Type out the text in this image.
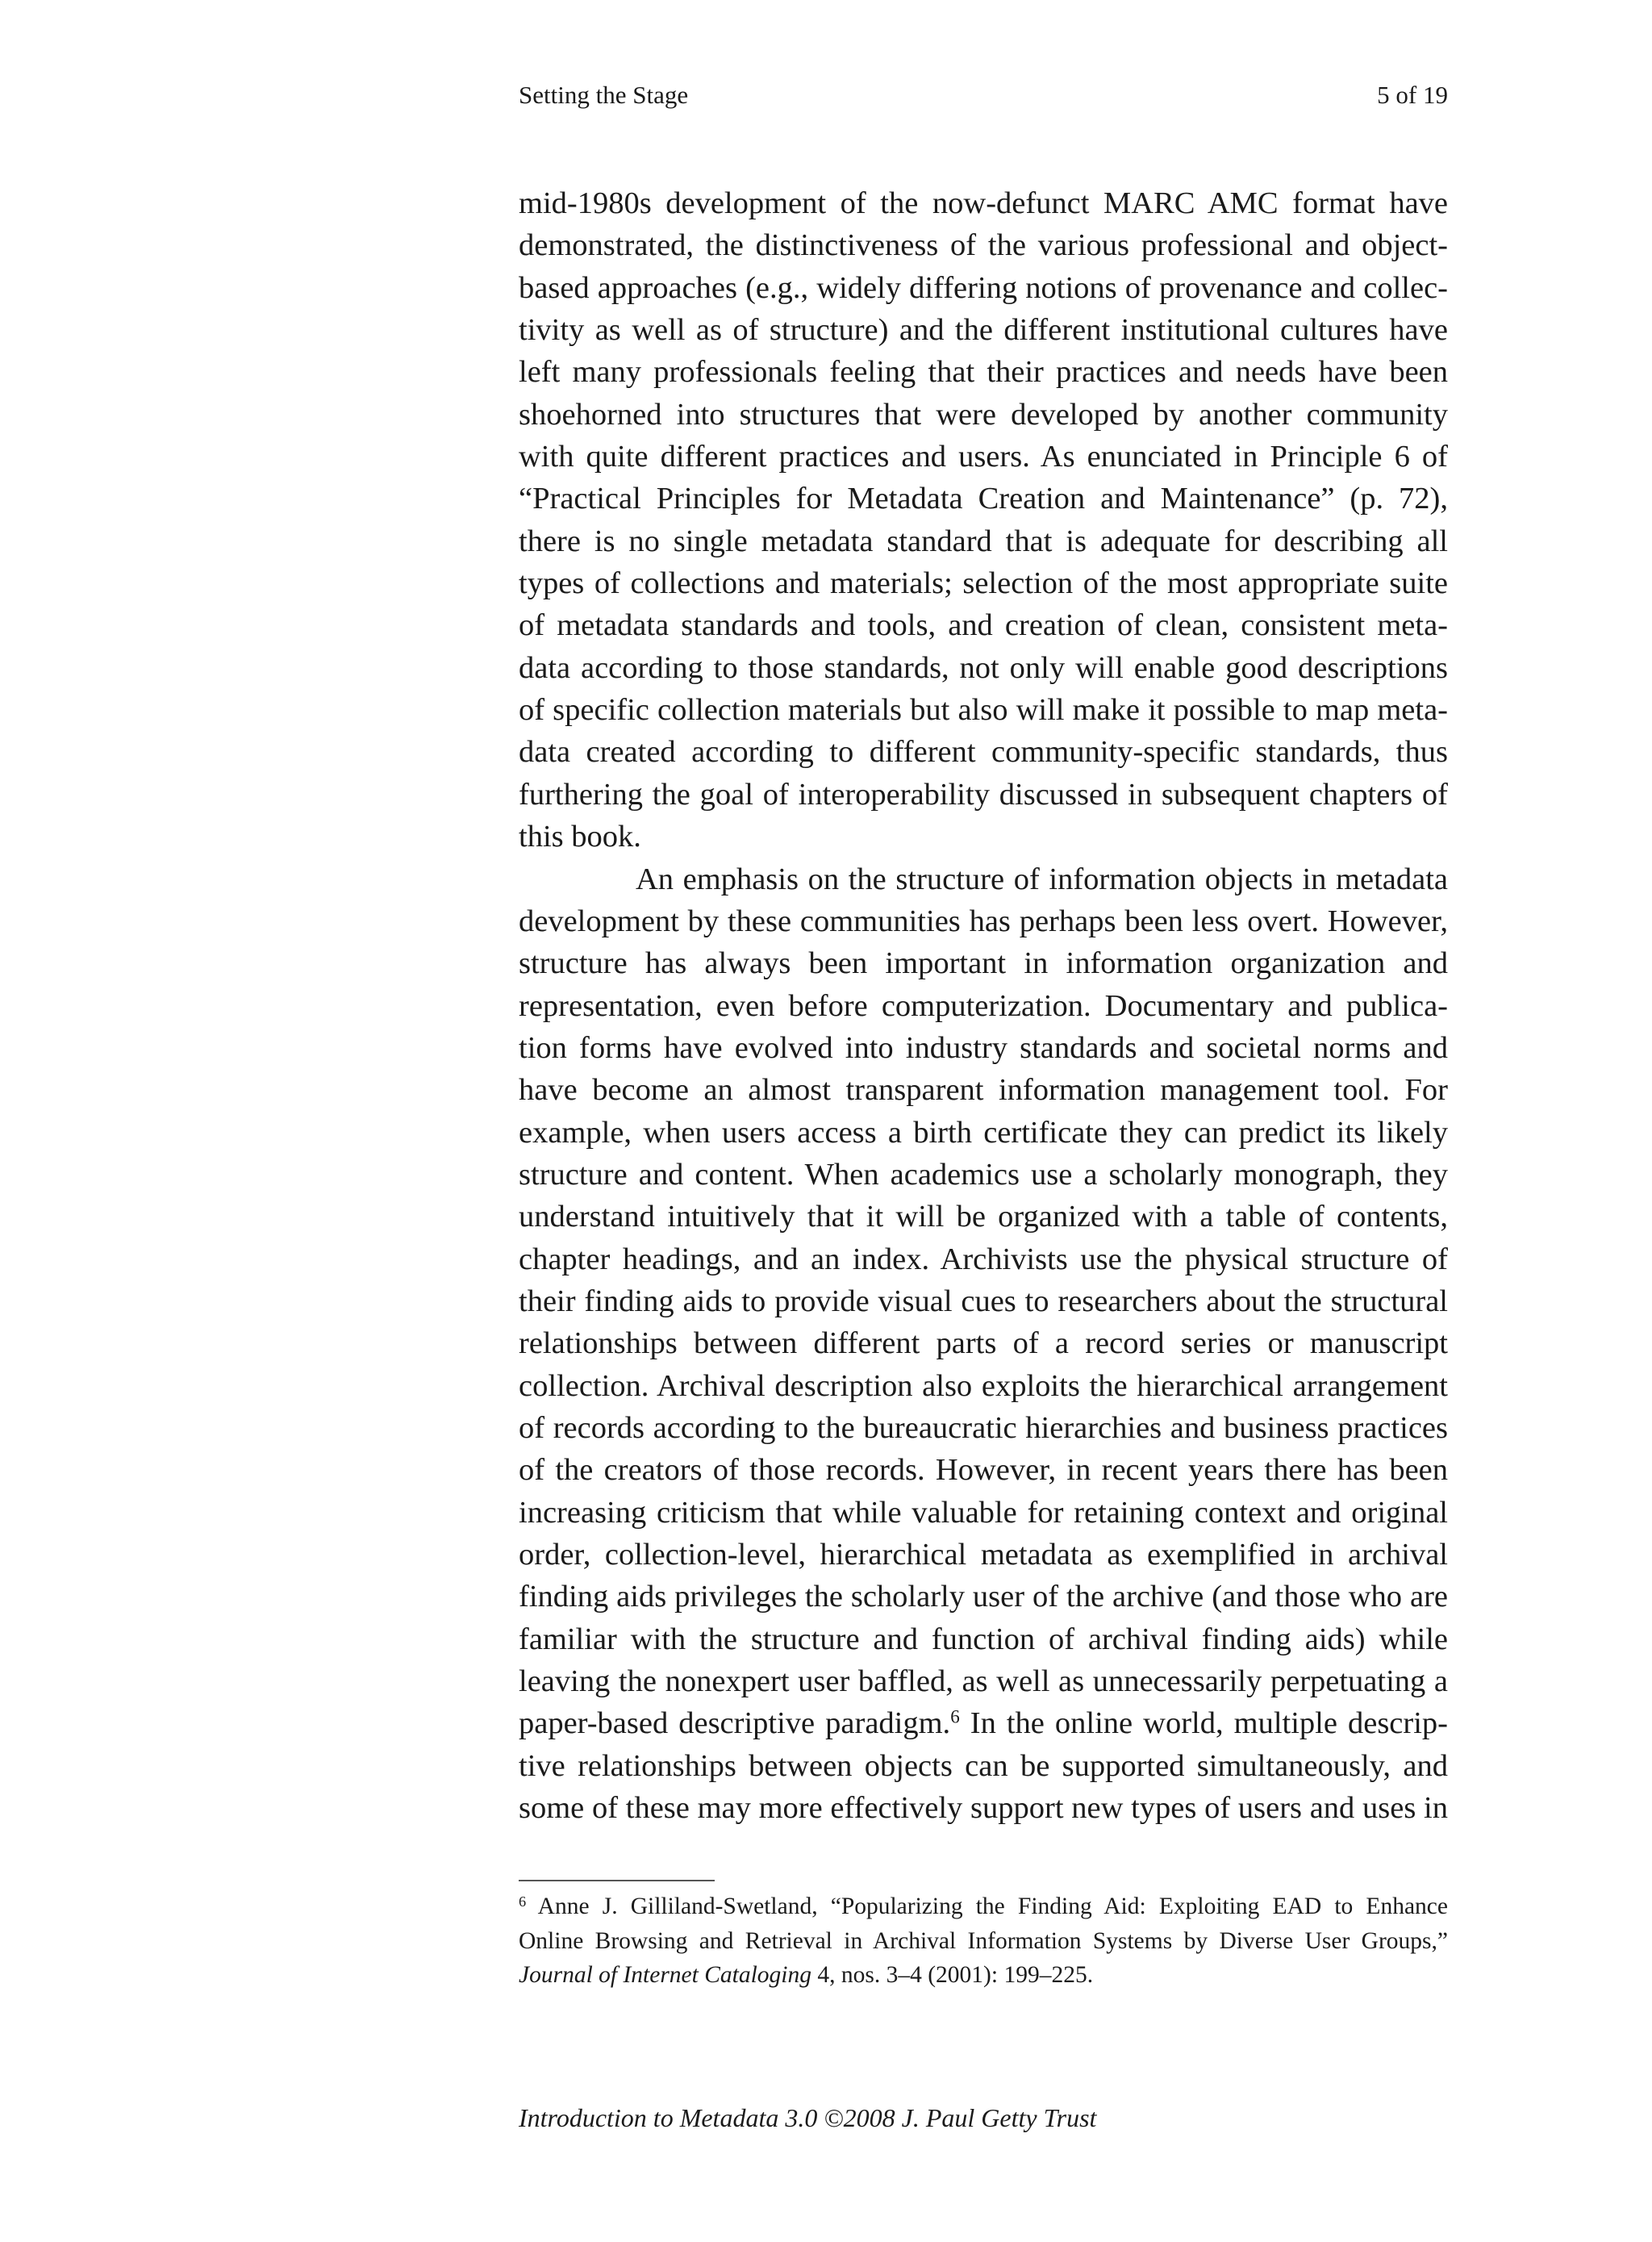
Setting the Stage	5 of 19
mid-1980s development of the now-defunct MARC AMC format have
demonstrated, the distinctiveness of the various professional and object-
based approaches (e.g., widely differing notions of provenance and collec-
tivity as well as of structure) and the different institutional cultures have
left many professionals feeling that their practices and needs have been
shoehorned into structures that were developed by another community
with quite different practices and users. As enunciated in Principle 6 of
“Practical Principles for Metadata Creation and Maintenance” (p. 72),
there is no single metadata standard that is adequate for describing all
types of collections and materials; selection of the most appropriate suite
of metadata standards and tools, and creation of clean, consistent meta-
data according to those standards, not only will enable good descriptions
of specific collection materials but also will make it possible to map meta-
data created according to different community-specific standards, thus
furthering the goal of interoperability discussed in subsequent chapters of
this book.
An emphasis on the structure of information objects in metadata
development by these communities has perhaps been less overt. However,
structure has always been important in information organization and
representation, even before computerization. Documentary and publica-
tion forms have evolved into industry standards and societal norms and
have become an almost transparent information management tool. For
example, when users access a birth certificate they can predict its likely
structure and content. When academics use a scholarly monograph, they
understand intuitively that it will be organized with a table of contents,
chapter headings, and an index. Archivists use the physical structure of
their finding aids to provide visual cues to researchers about the structural
relationships between different parts of a record series or manuscript
collection. Archival description also exploits the hierarchical arrangement
of records according to the bureaucratic hierarchies and business practices
of the creators of those records. However, in recent years there has been
increasing criticism that while valuable for retaining context and original
order, collection-level, hierarchical metadata as exemplified in archival
finding aids privileges the scholarly user of the archive (and those who are
familiar with the structure and function of archival finding aids) while
leaving the nonexpert user baffled, as well as unnecessarily perpetuating a
paper-based descriptive paradigm.$^6$ In the online world, multiple descrip-
tive relationships between objects can be supported simultaneously, and
some of these may more effectively support new types of users and uses in
$^6$ Anne J. Gilliland-Swetland, “Popularizing the Finding Aid: Exploiting EAD to Enhance
Online Browsing and Retrieval in Archival Information Systems by Diverse User Groups,”
Journal of Internet Cataloging 4, nos. 3–4 (2001): 199–225.
Introduction to Metadata 3.0 ©2008 J. Paul Getty Trust
